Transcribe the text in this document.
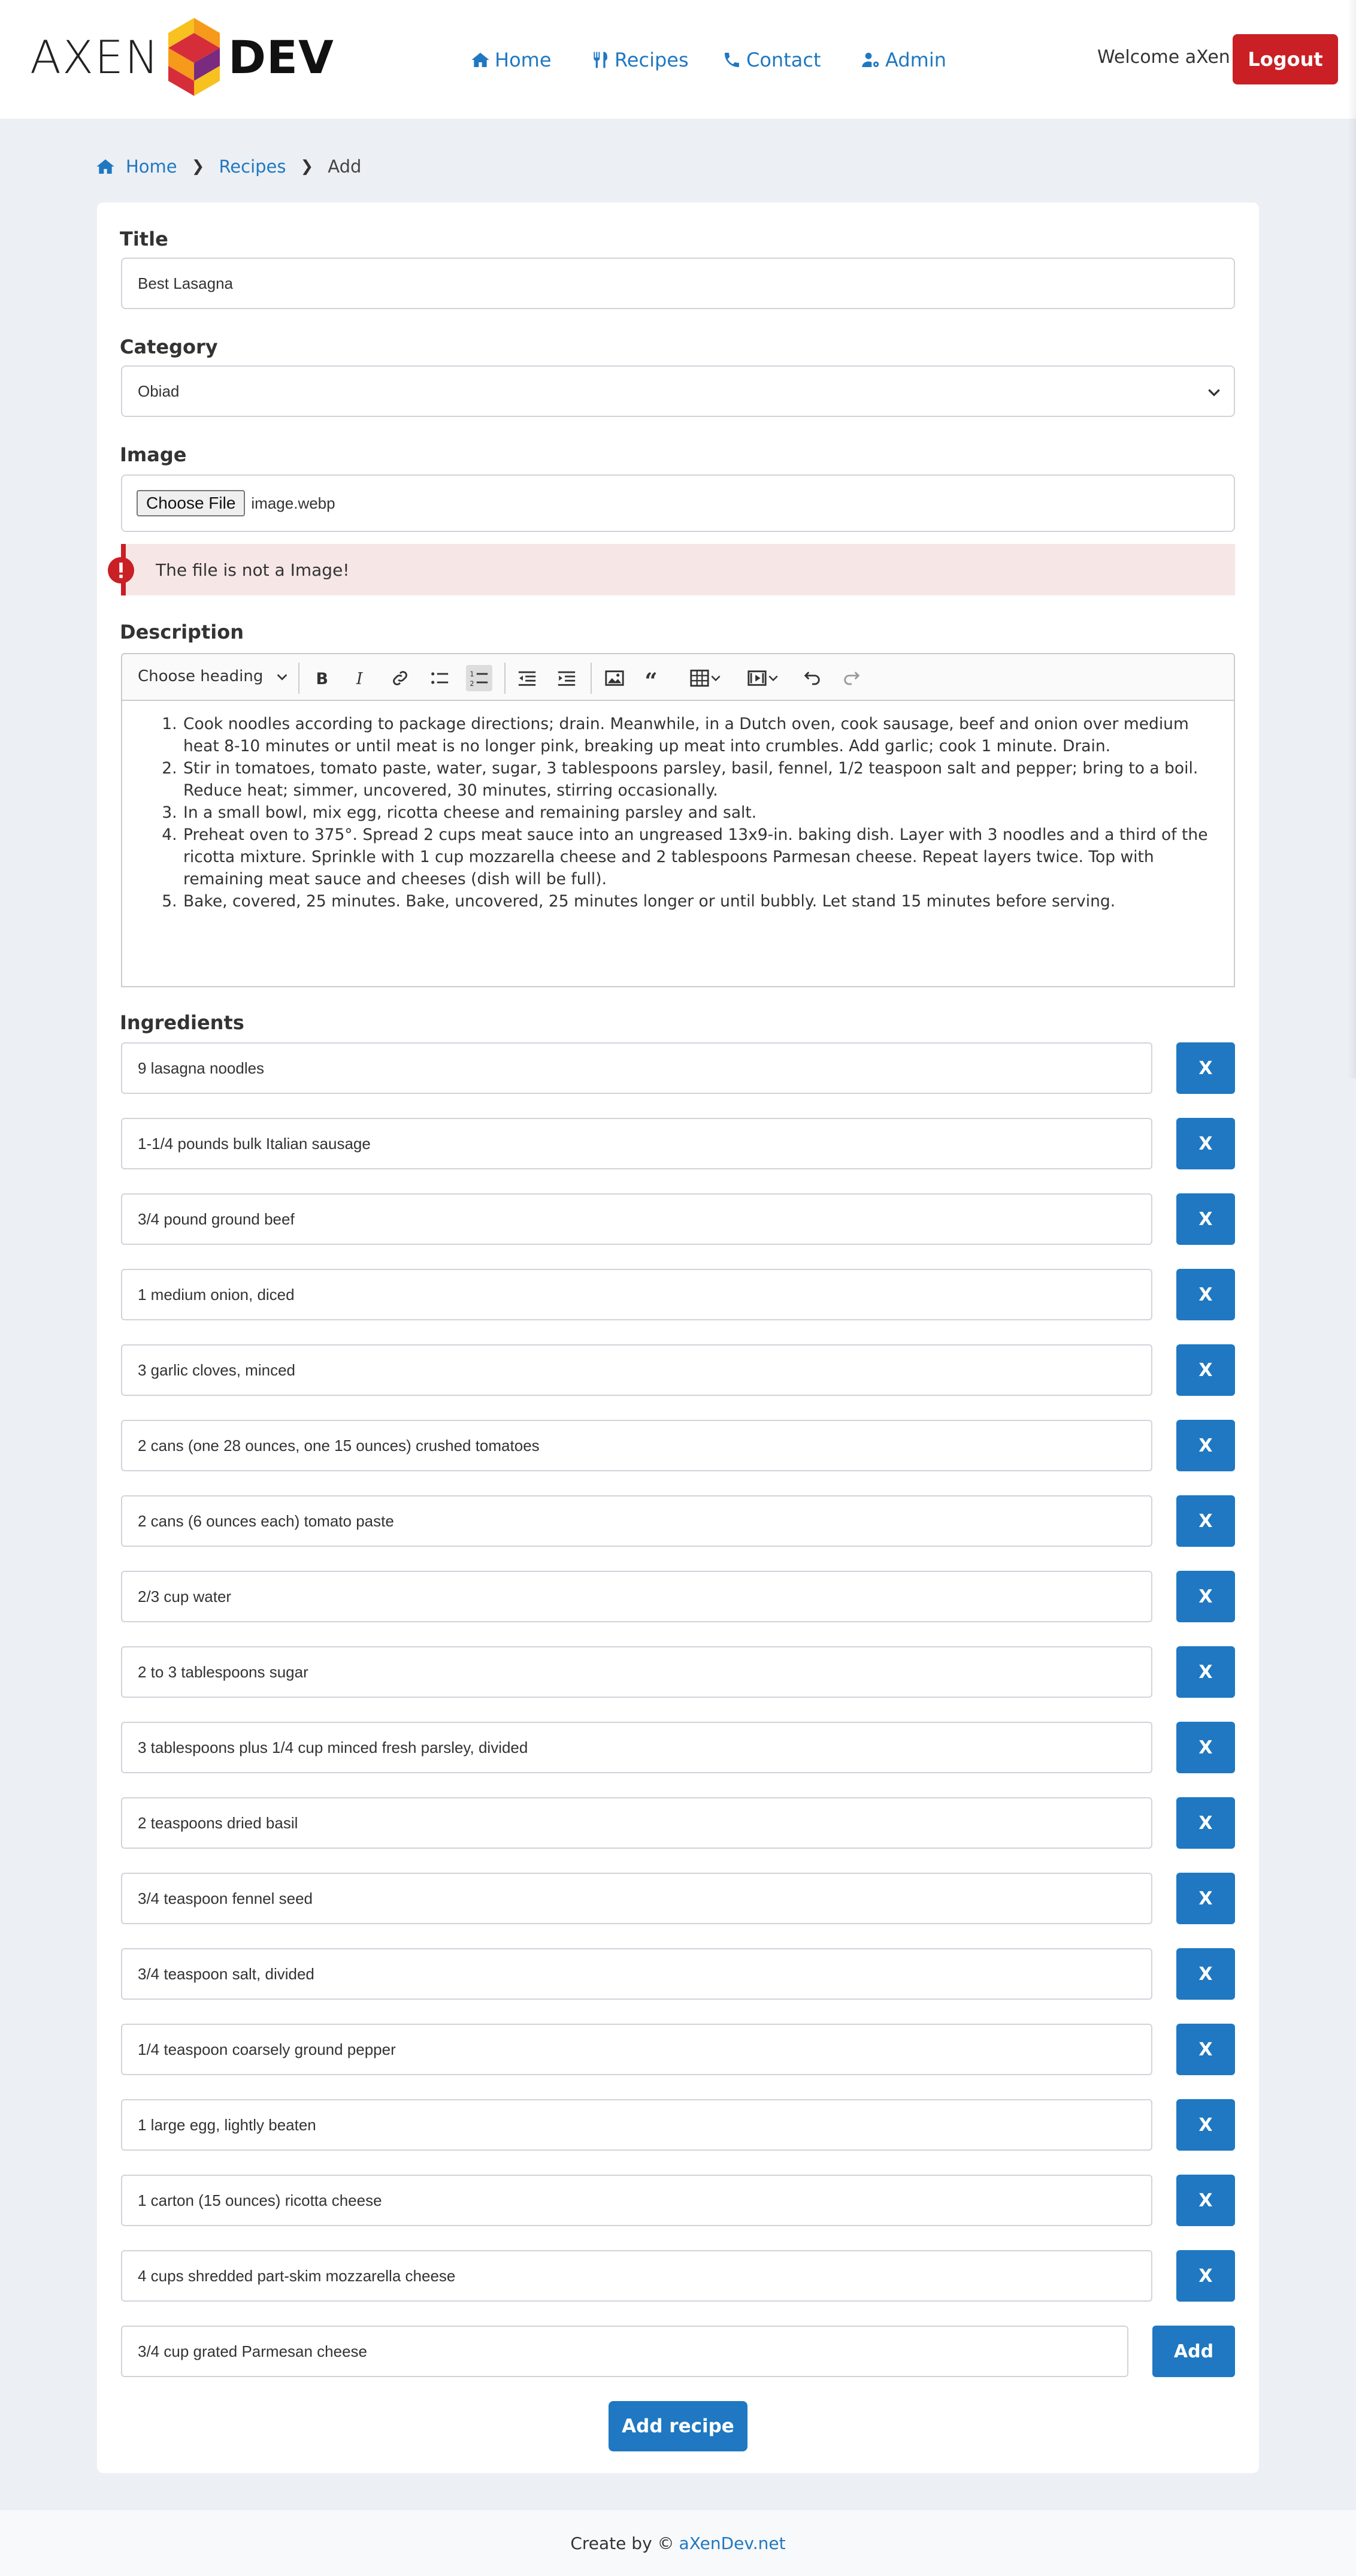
AXEN DEV	Home	Recipes	Contact	Admin	Welcome aXen Logout
Home ❯ Recipes ❯ Add
Title
Best Lasagna
Category
Obiad
Image
Choose File	image.webp
The file is not a Image!
Description
Choose heading	B I	1
2	“
1. Cook noodles according to package directions; drain. Meanwhile, in a Dutch oven, cook sausage, beef and onion over medium heat 8-10 minutes or until meat is no longer pink, breaking up meat into crumbles. Add garlic; cook 1 minute. Drain.
2. Stir in tomatoes, tomato paste, water, sugar, 3 tablespoons parsley, basil, fennel, 1/2 teaspoon salt and pepper; bring to a boil. Reduce heat; simmer, uncovered, 30 minutes, stirring occasionally.
3. In a small bowl, mix egg, ricotta cheese and remaining parsley and salt.
4. Preheat oven to 375°. Spread 2 cups meat sauce into an ungreased 13x9-in. baking dish. Layer with 3 noodles and a third of the ricotta mixture. Sprinkle with 1 cup mozzarella cheese and 2 tablespoons Parmesan cheese. Repeat layers twice. Top with remaining meat sauce and cheeses (dish will be full).
5. Bake, covered, 25 minutes. Bake, uncovered, 25 minutes longer or until bubbly. Let stand 15 minutes before serving.
Ingredients
9 lasagna noodles	X
1-1/4 pounds bulk Italian sausage	X
3/4 pound ground beef	X
1 medium onion, diced	X
3 garlic cloves, minced	X
2 cans (one 28 ounces, one 15 ounces) crushed tomatoes	X
2 cans (6 ounces each) tomato paste	X
2/3 cup water	X
2 to 3 tablespoons sugar	X
3 tablespoons plus 1/4 cup minced fresh parsley, divided	X
2 teaspoons dried basil	X
3/4 teaspoon fennel seed	X
3/4 teaspoon salt, divided	X
1/4 teaspoon coarsely ground pepper	X
1 large egg, lightly beaten	X
1 carton (15 ounces) ricotta cheese	X
4 cups shredded part-skim mozzarella cheese	X
3/4 cup grated Parmesan cheese	Add
Add recipe
Create by © aXenDev.net
